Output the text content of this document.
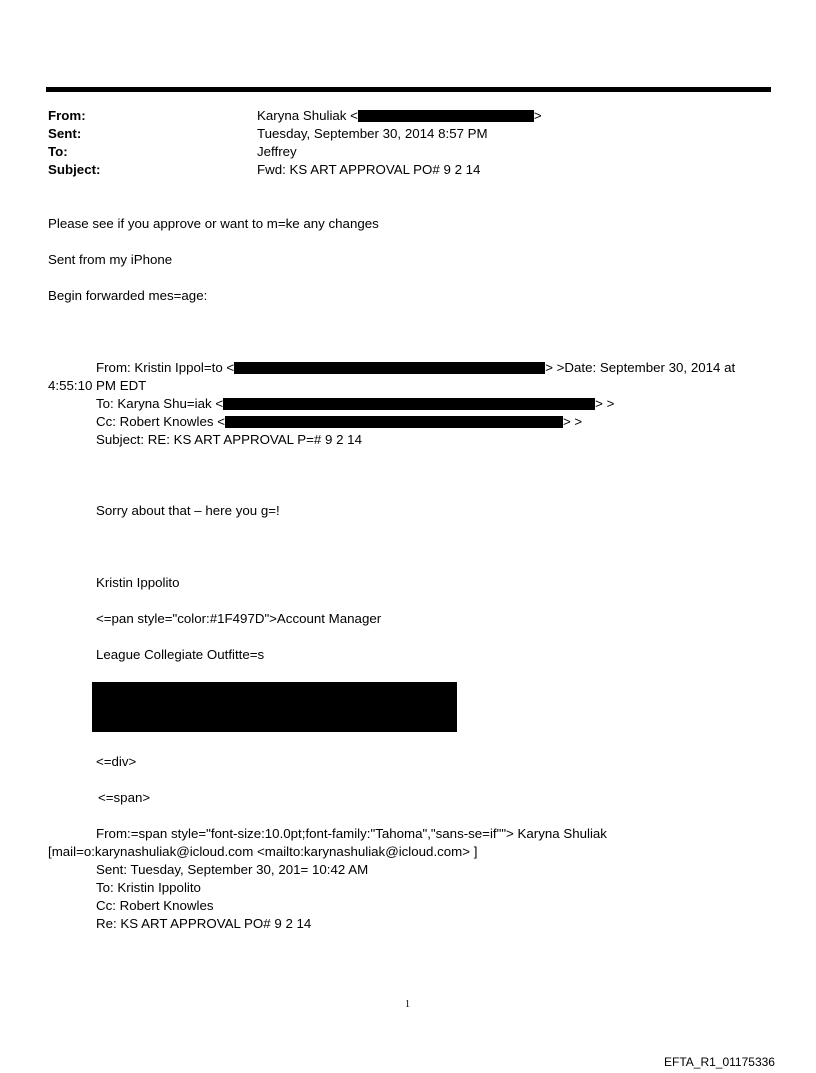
From:	Karyna Shuliak <	>
Sent:	Tuesday, September 30, 2014 8:57 PM
To:	Jeffrey
Subject:	Fwd: KS ART APPROVAL PO# 9 2 14
Please see if you approve or want to m=ke any changes
Sent from my iPhone
Begin forwarded mes=age:
From: Kristin Ippol=to <	> >Date: September 30, 2014 at
4:55:10 PM EDT
To: Karyna Shu=iak <	> >
Cc: Robert Knowles <	> >
Subject: RE: KS ART APPROVAL P=# 9 2 14
Sorry about that – here you g=!
Kristin Ippolito
<=pan style="color:#1F497D">Account Manager
League Collegiate Outfitte=s
<=div>
<=span>
From:=span style="font-size:10.0pt;font-family:"Tahoma","sans-se=if""> Karyna Shuliak
[mail=o:karynashuliak@icloud.com <mailto:karynashuliak@icloud.com> ]
Sent: Tuesday, September 30, 201= 10:42 AM
To: Kristin Ippolito
Cc: Robert Knowles
Re: KS ART APPROVAL PO# 9 2 14
1
EFTA_R1_01175336
